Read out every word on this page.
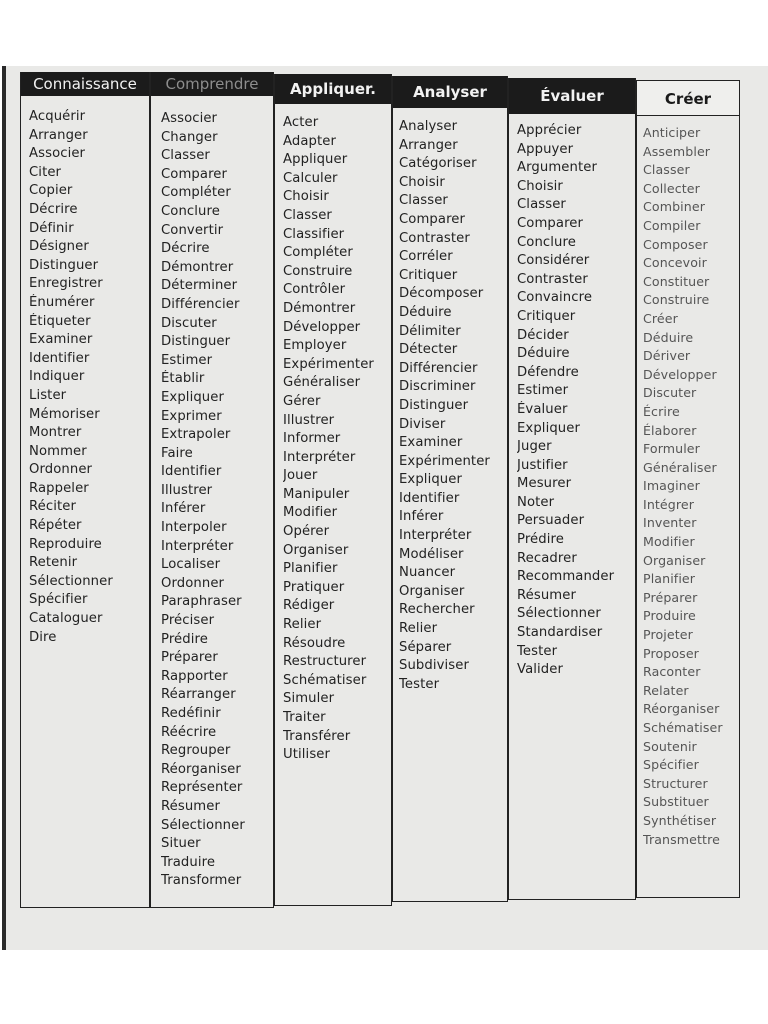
Connaissance
Acquérir
Arranger
Associer
Citer
Copier
Décrire
Définir
Désigner
Distinguer
Enregistrer
Énumérer
Étiqueter
Examiner
Identifier
Indiquer
Lister
Mémoriser
Montrer
Nommer
Ordonner
Rappeler
Réciter
Répéter
Reproduire
Retenir
Sélectionner
Spécifier
Cataloguer
Dire
Comprendre
Associer
Changer
Classer
Comparer
Compléter
Conclure
Convertir
Décrire
Démontrer
Déterminer
Différencier
Discuter
Distinguer
Estimer
Établir
Expliquer
Exprimer
Extrapoler
Faire
Identifier
Illustrer
Inférer
Interpoler
Interpréter
Localiser
Ordonner
Paraphraser
Préciser
Prédire
Préparer
Rapporter
Réarranger
Redéfinir
Réécrire
Regrouper
Réorganiser
Représenter
Résumer
Sélectionner
Situer
Traduire
Transformer
Appliquer.
Acter
Adapter
Appliquer
Calculer
Choisir
Classer
Classifier
Compléter
Construire
Contrôler
Démontrer
Développer
Employer
Expérimenter
Généraliser
Gérer
Illustrer
Informer
Interpréter
Jouer
Manipuler
Modifier
Opérer
Organiser
Planifier
Pratiquer
Rédiger
Relier
Résoudre
Restructurer
Schématiser
Simuler
Traiter
Transférer
Utiliser
Analyser
Analyser
Arranger
Catégoriser
Choisir
Classer
Comparer
Contraster
Corréler
Critiquer
Décomposer
Déduire
Délimiter
Détecter
Différencier
Discriminer
Distinguer
Diviser
Examiner
Expérimenter
Expliquer
Identifier
Inférer
Interpréter
Modéliser
Nuancer
Organiser
Rechercher
Relier
Séparer
Subdiviser
Tester
Évaluer
Apprécier
Appuyer
Argumenter
Choisir
Classer
Comparer
Conclure
Considérer
Contraster
Convaincre
Critiquer
Décider
Déduire
Défendre
Estimer
Évaluer
Expliquer
Juger
Justifier
Mesurer
Noter
Persuader
Prédire
Recadrer
Recommander
Résumer
Sélectionner
Standardiser
Tester
Valider
Créer
Anticiper
Assembler
Classer
Collecter
Combiner
Compiler
Composer
Concevoir
Constituer
Construire
Créer
Déduire
Dériver
Développer
Discuter
Écrire
Élaborer
Formuler
Généraliser
Imaginer
Intégrer
Inventer
Modifier
Organiser
Planifier
Préparer
Produire
Projeter
Proposer
Raconter
Relater
Réorganiser
Schématiser
Soutenir
Spécifier
Structurer
Substituer
Synthétiser
Transmettre
